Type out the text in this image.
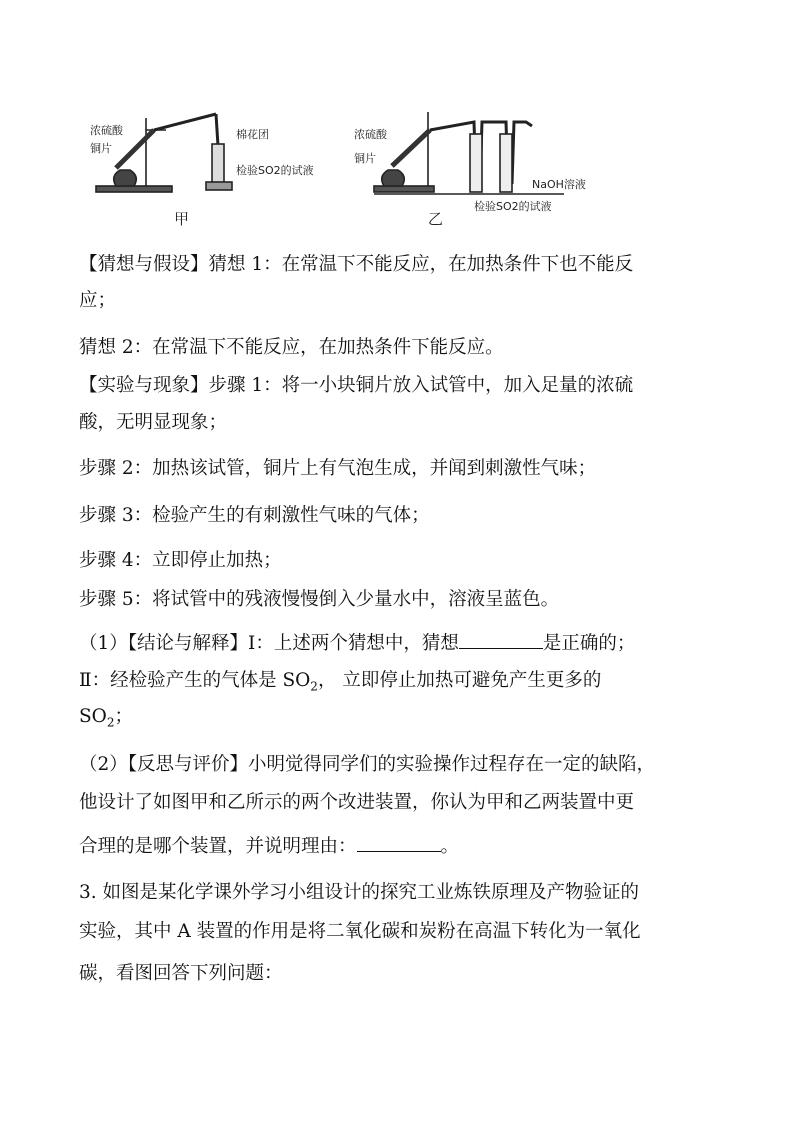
浓硫酸
铜片
棉花团
检验SO2的试液
甲
浓硫酸
铜片
NaOH溶液
检验SO2的试液
乙
【猜想与假设】猜想 1：在常温下不能反应，在加热条件下也不能反
应；
猜想 2：在常温下不能反应，在加热条件下能反应。
【实验与现象】步骤 1：将一小块铜片放入试管中，加入足量的浓硫
酸，无明显现象；
步骤 2：加热该试管，铜片上有气泡生成，并闻到刺激性气味；
步骤 3：检验产生的有刺激性气味的气体；
步骤 4：立即停止加热；
步骤 5：将试管中的残液慢慢倒入少量水中，溶液呈蓝色。
（1）【结论与解释】Ⅰ：上述两个猜想中，猜想	是正确的；
Ⅱ：经检验产生的气体是 $SO_2$， 立即停止加热可避免产生更多的
$SO_2$；
（2）【反思与评价】小明觉得同学们的实验操作过程存在一定的缺陷，
他设计了如图甲和乙所示的两个改进装置，你认为甲和乙两装置中更
合理的是哪个装置，并说明理由：	。
3. 如图是某化学课外学习小组设计的探究工业炼铁原理及产物验证的
实验，其中 A 装置的作用是将二氧化碳和炭粉在高温下转化为一氧化
碳，看图回答下列问题：
